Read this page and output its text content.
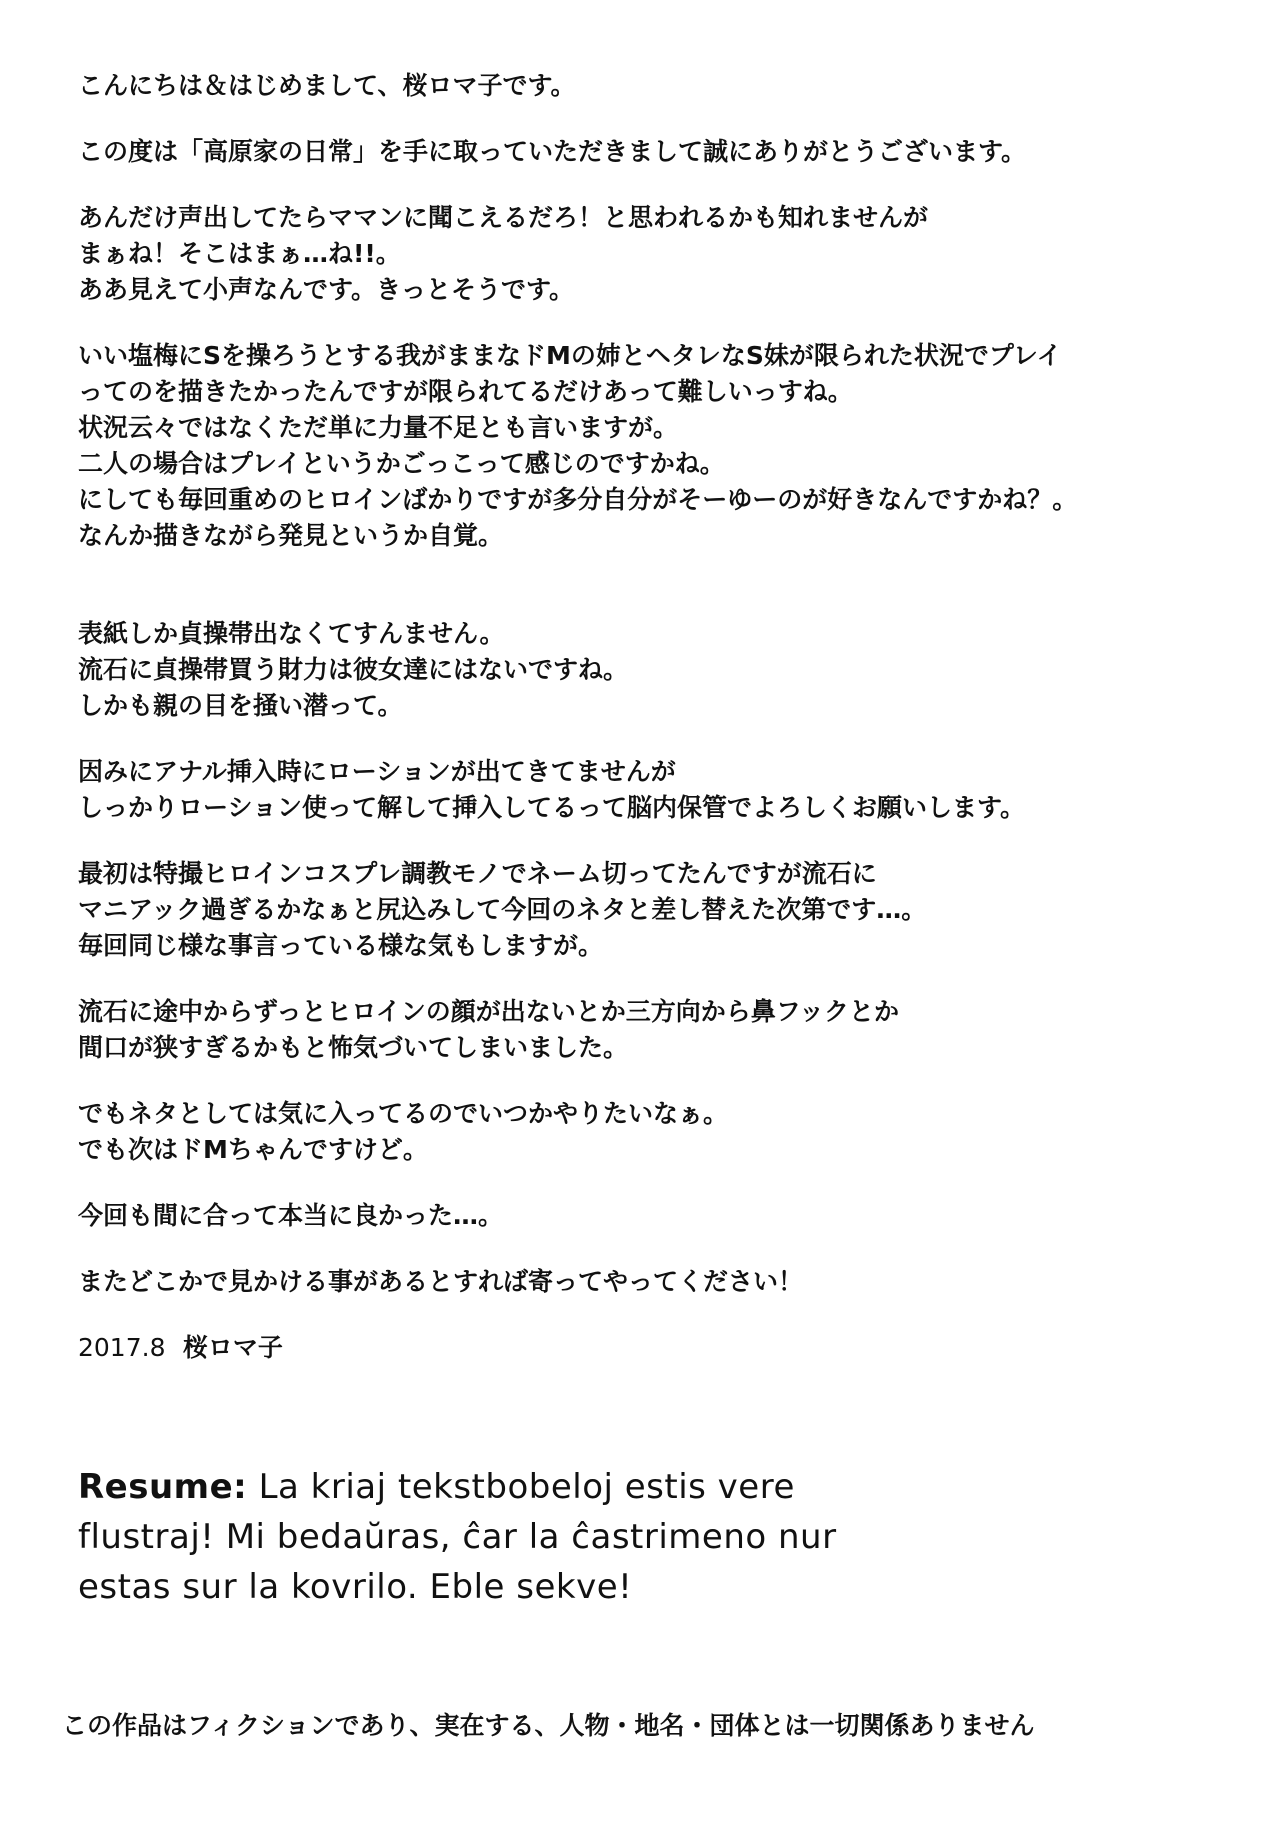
こんにちは＆はじめまして、桜ロマ子です。
この度は「高原家の日常」を手に取っていただきまして誠にありがとうございます。
あんだけ声出してたらママンに聞こえるだろ！と思われるかも知れませんが
まぁね！そこはまぁ…ね!!。
ああ見えて小声なんです。きっとそうです。
いい塩梅にSを操ろうとする我がままなドMの姉とヘタレなS妹が限られた状況でプレイ
ってのを描きたかったんですが限られてるだけあって難しいっすね。
状況云々ではなくただ単に力量不足とも言いますが。
二人の場合はプレイというかごっこって感じのですかね。
にしても毎回重めのヒロインばかりですが多分自分がそーゆーのが好きなんですかね？。
なんか描きながら発見というか自覚。
表紙しか貞操帯出なくてすんません。
流石に貞操帯買う財力は彼女達にはないですね。
しかも親の目を掻い潜って。
因みにアナル挿入時にローションが出てきてませんが
しっかりローション使って解して挿入してるって脳内保管でよろしくお願いします。
最初は特撮ヒロインコスプレ調教モノでネーム切ってたんですが流石に
マニアック過ぎるかなぁと尻込みして今回のネタと差し替えた次第です…。
毎回同じ様な事言っている様な気もしますが。
流石に途中からずっとヒロインの顔が出ないとか三方向から鼻フックとか
間口が狭すぎるかもと怖気づいてしまいました。
でもネタとしては気に入ってるのでいつかやりたいなぁ。
でも次はドMちゃんですけど。
今回も間に合って本当に良かった…。
またどこかで見かける事があるとすれば寄ってやってください！
2017.8 桜ロマ子
Resume: La kriaj tekstbobeloj estis vere
flustraj! Mi bedaŭras, ĉar la ĉastrimeno nur
estas sur la kovrilo. Eble sekve!
この作品はフィクションであり、実在する、人物・地名・団体とは一切関係ありません
